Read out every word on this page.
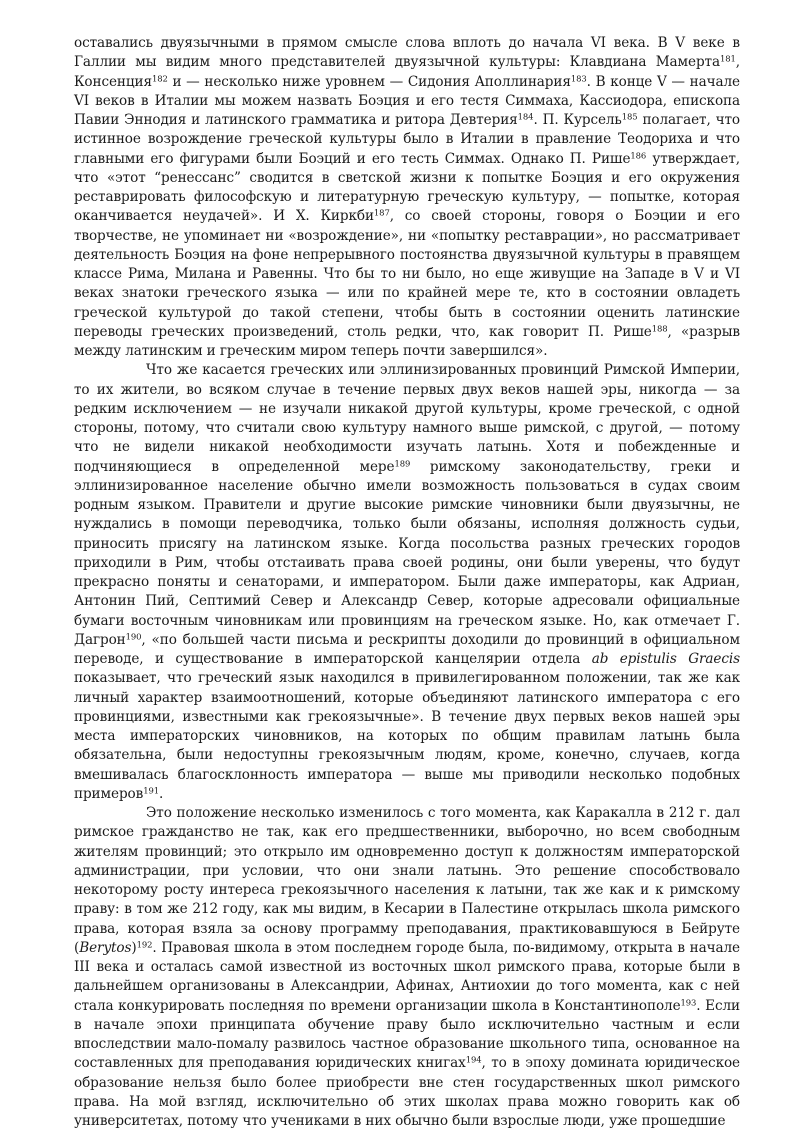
оставались двуязычными в прямом смысле слова вплоть до начала VI века. В V веке в Галлии мы видим много представителей двуязычной культуры: Клавдиана Мамерта$^{181}$, Консенция$^{182}$ и — несколько ниже уровнем — Сидония Аполлинария$^{183}$. В конце V — начале VI веков в Италии мы можем назвать Боэция и его тестя Симмаха, Кассиодора, епископа Павии Эннодия и латинского грамматика и ритора Девтерия$^{184}$. П. Курсель$^{185}$ полагает, что истинное возрождение греческой культуры было в Италии в правление Теодориха и что главными его фигурами были Боэций и его тесть Симмах. Однако П. Рише$^{186}$ утверждает, что «этот “ренессанс” сводится в светской жизни к попытке Боэция и его окружения реставрировать философскую и литературную греческую культуру, — попытке, которая оканчивается неудачей». И Х. Киркби$^{187}$, со своей стороны, говоря о Боэции и его творчестве, не упоминает ни «возрождение», ни «попытку реставрации», но рассматривает деятельность Боэция на фоне непрерывного постоянства двуязычной культуры в правящем классе Рима, Милана и Равенны. Что бы то ни было, но еще живущие на Западе в V и VI веках знатоки греческого языка — или по крайней мере те, кто в состоянии овладеть греческой культурой до такой степени, чтобы быть в состоянии оценить латинские переводы греческих произведений, столь редки, что, как говорит П. Рише$^{188}$, «разрыв между латинским и греческим миром теперь почти завершился».

Что же касается греческих или эллинизированных провинций Римской Империи, то их жители, во всяком случае в течение первых двух веков нашей эры, никогда — за редким исключением — не изучали никакой другой культуры, кроме греческой, с одной стороны, потому, что считали свою культуру намного выше римской, с другой, — потому что не видели никакой необходимости изучать латынь. Хотя и побежденные и подчиняющиеся в определенной мере$^{189}$ римскому законодательству, греки и эллинизированное население обычно имели возможность пользоваться в судах своим родным языком. Правители и другие высокие римские чиновники были двуязычны, не нуждались в помощи переводчика, только были обязаны, исполняя должность судьи, приносить присягу на латинском языке. Когда посольства разных греческих городов приходили в Рим, чтобы отстаивать права своей родины, они были уверены, что будут прекрасно поняты и сенаторами, и императором. Были даже императоры, как Адриан, Антонин Пий, Септимий Север и Александр Север, которые адресовали официальные бумаги восточным чиновникам или провинциям на греческом языке. Но, как отмечает Г. Дагрон$^{190}$, «по большей части письма и рескрипты доходили до провинций в официальном переводе, и существование в императорской канцелярии отдела ab epistulis Graecis показывает, что греческий язык находился в привилегированном положении, так же как личный характер взаимоотношений, которые объединяют латинского императора с его провинциями, известными как грекоязычные». В течение двух первых веков нашей эры места императорских чиновников, на которых по общим правилам латынь была обязательна, были недоступны грекоязычным людям, кроме, конечно, случаев, когда вмешивалась благосклонность императора — выше мы приводили несколько подобных примеров$^{191}$.

Это положение несколько изменилось с того момента, как Каракалла в 212 г. дал римское гражданство не так, как его предшественники, выборочно, но всем свободным жителям провинций; это открыло им одновременно доступ к должностям императорской администрации, при условии, что они знали латынь. Это решение способствовало некоторому росту интереса грекоязычного населения к латыни, так же как и к римскому праву: в том же 212 году, как мы видим, в Кесарии в Палестине открылась школа римского права, которая взяла за основу программу преподавания, практиковавшуюся в Бейруте (Berytos)$^{192}$. Правовая школа в этом последнем городе была, по-видимому, открыта в начале III века и осталась самой известной из восточных школ римского права, которые были в дальнейшем организованы в Александрии, Афинах, Антиохии до того момента, как с ней стала конкурировать последняя по времени организации школа в Константинополе$^{193}$. Если в начале эпохи принципата обучение праву было исключительно частным и если впоследствии мало-помалу развилось частное образование школьного типа, основанное на составленных для преподавания юридических книгах$^{194}$, то в эпоху домината юридическое образование нельзя было более приобрести вне стен государственных школ римского права. На мой взгляд, исключительно об этих школах права можно говорить как об университетах, потому что учениками в них обычно были взрослые люди, уже прошедшие
